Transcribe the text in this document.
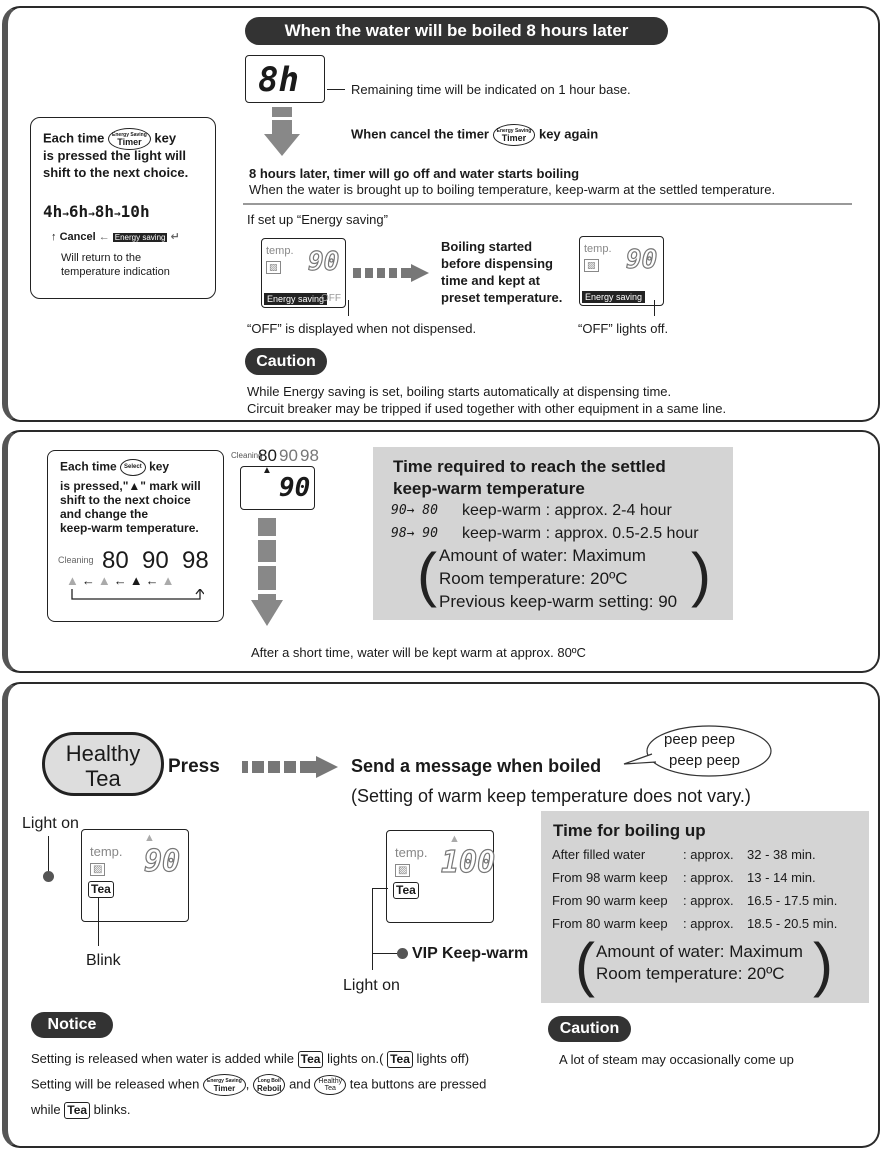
When the water will be boiled 8 hours later
8h	Remaining time will be indicated on 1 hour base.
When cancel the timer Energy Saving
Timer key again
8 hours later, timer will go off and water starts boiling
When the water is brought up to boiling temperature, keep-warm at the settled temperature.
Each time Energy Saving
Timer key
is pressed the light will
shift to the next choice.
4h→6h→8h→10h
↑ Cancel ← Energy saving ↵
Will return to the
temperature indication
If set up “Energy saving”
temp.
▨ 90
Energy saving
OFF
Boiling started
before dispensing
time and kept at
preset temperature.
temp.
▨ 90
Energy saving
“OFF” is displayed when not dispensed.	“OFF” lights off.
Caution
While Energy saving is set, boiling starts automatically at dispensing time.
Circuit breaker may be tripped if used together with other equipment in a same line.
Each time Select key
is pressed,"▲" mark will
shift to the next choice
and change the
keep-warm temperature.
Cleaning 80 90 98
▲←▲←▲←▲
Cleaning
80 90 98
▲
90
Time required to reach the settled
keep-warm temperature
90→ 80 keep-warm : approx. 2-4 hour
98→ 90 keep-warm : approx. 0.5-2.5 hour
( Amount of water: Maximum
Room temperature: 20ºC
Previous keep-warm setting: 90 )
After a short time, water will be kept warm at approx. 80ºC
Healthy
Tea	Press	Send a message when boiled
peep peep
peep peep
(Setting of warm keep temperature does not vary.)
Light on
▲
temp.
▨ 90
Tea
Blink
▲
temp.
▨ 100
Tea
VIP Keep-warm
Light on
Time for boiling up
After filled water	: approx. 32 - 38 min.
From 98 warm keep : approx. 13 - 14 min.
From 90 warm keep : approx. 16.5 - 17.5 min.
From 80 warm keep : approx. 18.5 - 20.5 min.
( Amount of water: Maximum
Room temperature: 20ºC )
Notice
Setting is released when water is added while Tea lights on.( Tea lights off)
Setting will be released when Energy Saving
Timer , Long Boil
Reboil and Healthy
Tea tea buttons are pressed
while Tea blinks.
Caution
A lot of steam may occasionally come up
